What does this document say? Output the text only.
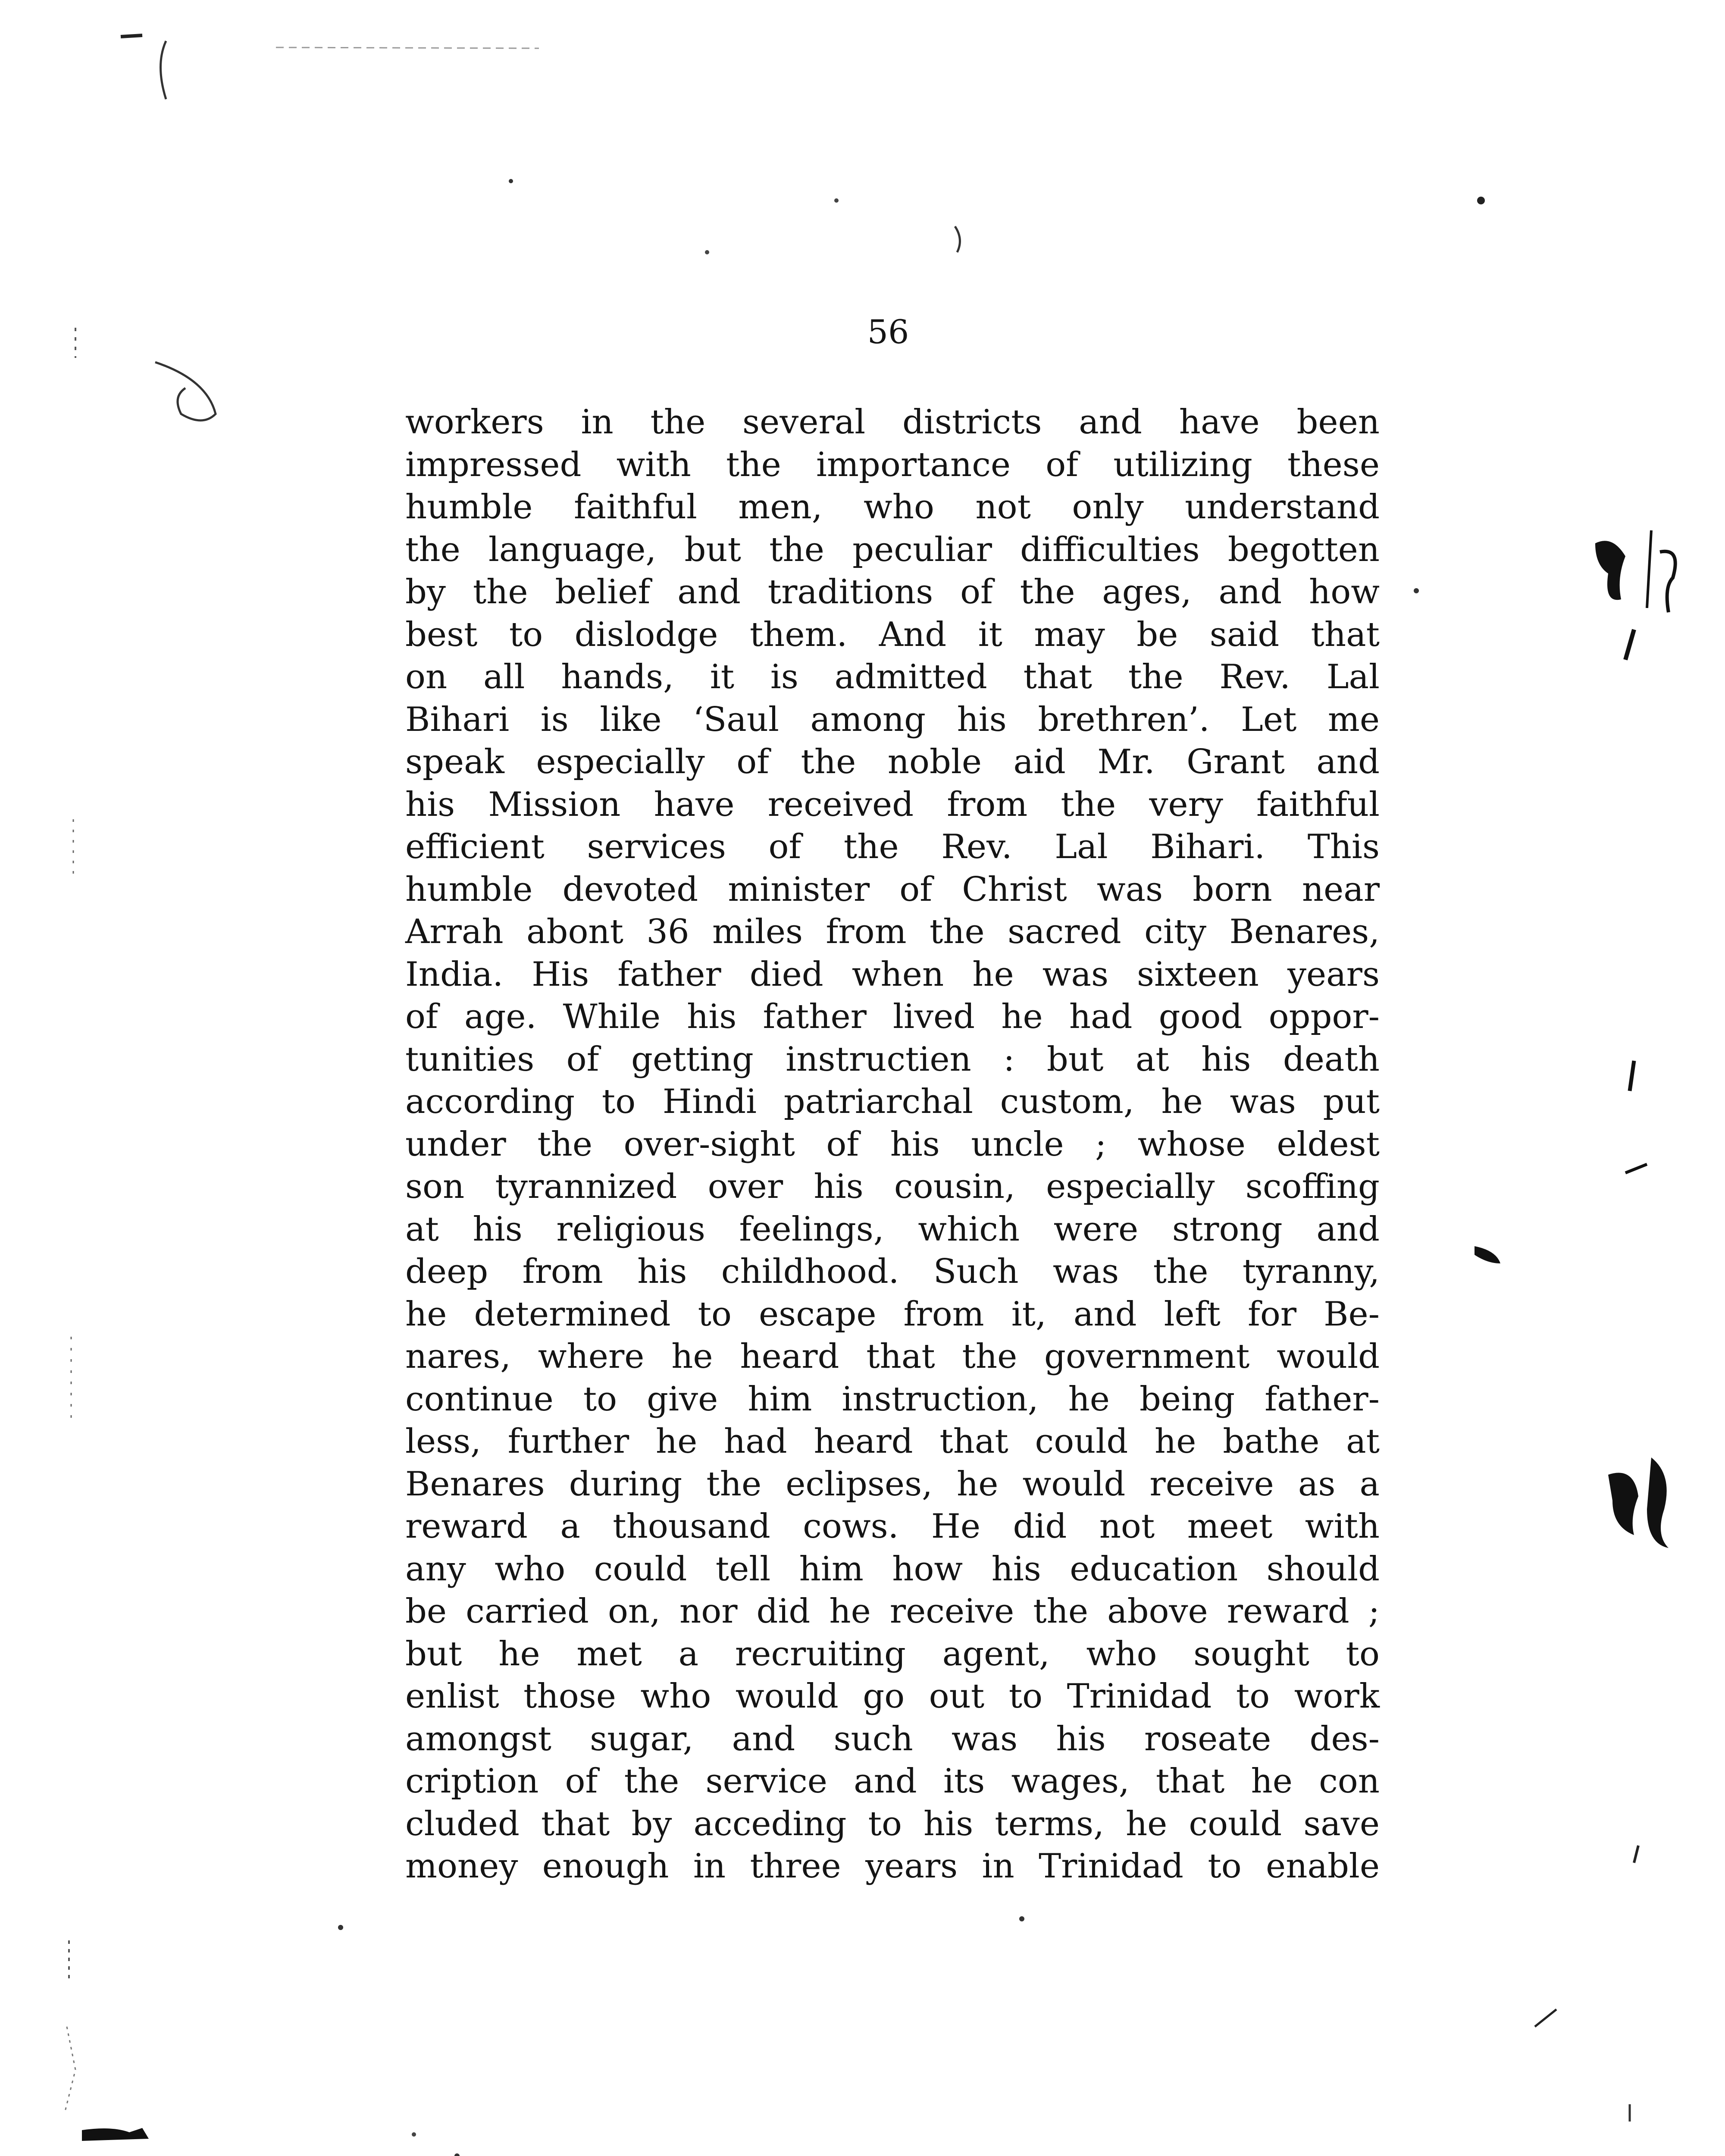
56
workers in the several districts and have been
impressed with the importance of utilizing these
humble faithful men, who not only understand
the language, but the peculiar difficulties begotten
by the belief and traditions of the ages, and how
best to dislodge them. And it may be said that
on all hands, it is admitted that the Rev. Lal
Bihari is like ‘Saul among his brethren’. Let me
speak especially of the noble aid Mr. Grant and
his Mission have received from the very faithful
efficient services of the Rev. Lal Bihari. This
humble devoted minister of Christ was born near
Arrah abont 36 miles from the sacred city Benares,
India. His father died when he was sixteen years
of age. While his father lived he had good oppor-
tunities of getting instructien : but at his death
according to Hindi patriarchal custom, he was put
under the over-sight of his uncle ; whose eldest
son tyrannized over his cousin, especially scoffing
at his religious feelings, which were strong and
deep from his childhood. Such was the tyranny,
he determined to escape from it, and left for Be-
nares, where he heard that the government would
continue to give him instruction, he being father-
less, further he had heard that could he bathe at
Benares during the eclipses, he would receive as a
reward a thousand cows. He did not meet with
any who could tell him how his education should
be carried on, nor did he receive the above reward ;
but he met a recruiting agent, who sought to
enlist those who would go out to Trinidad to work
amongst sugar, and such was his roseate des-
cription of the service and its wages, that he con
cluded that by acceding to his terms, he could save
money enough in three years in Trinidad to enable
